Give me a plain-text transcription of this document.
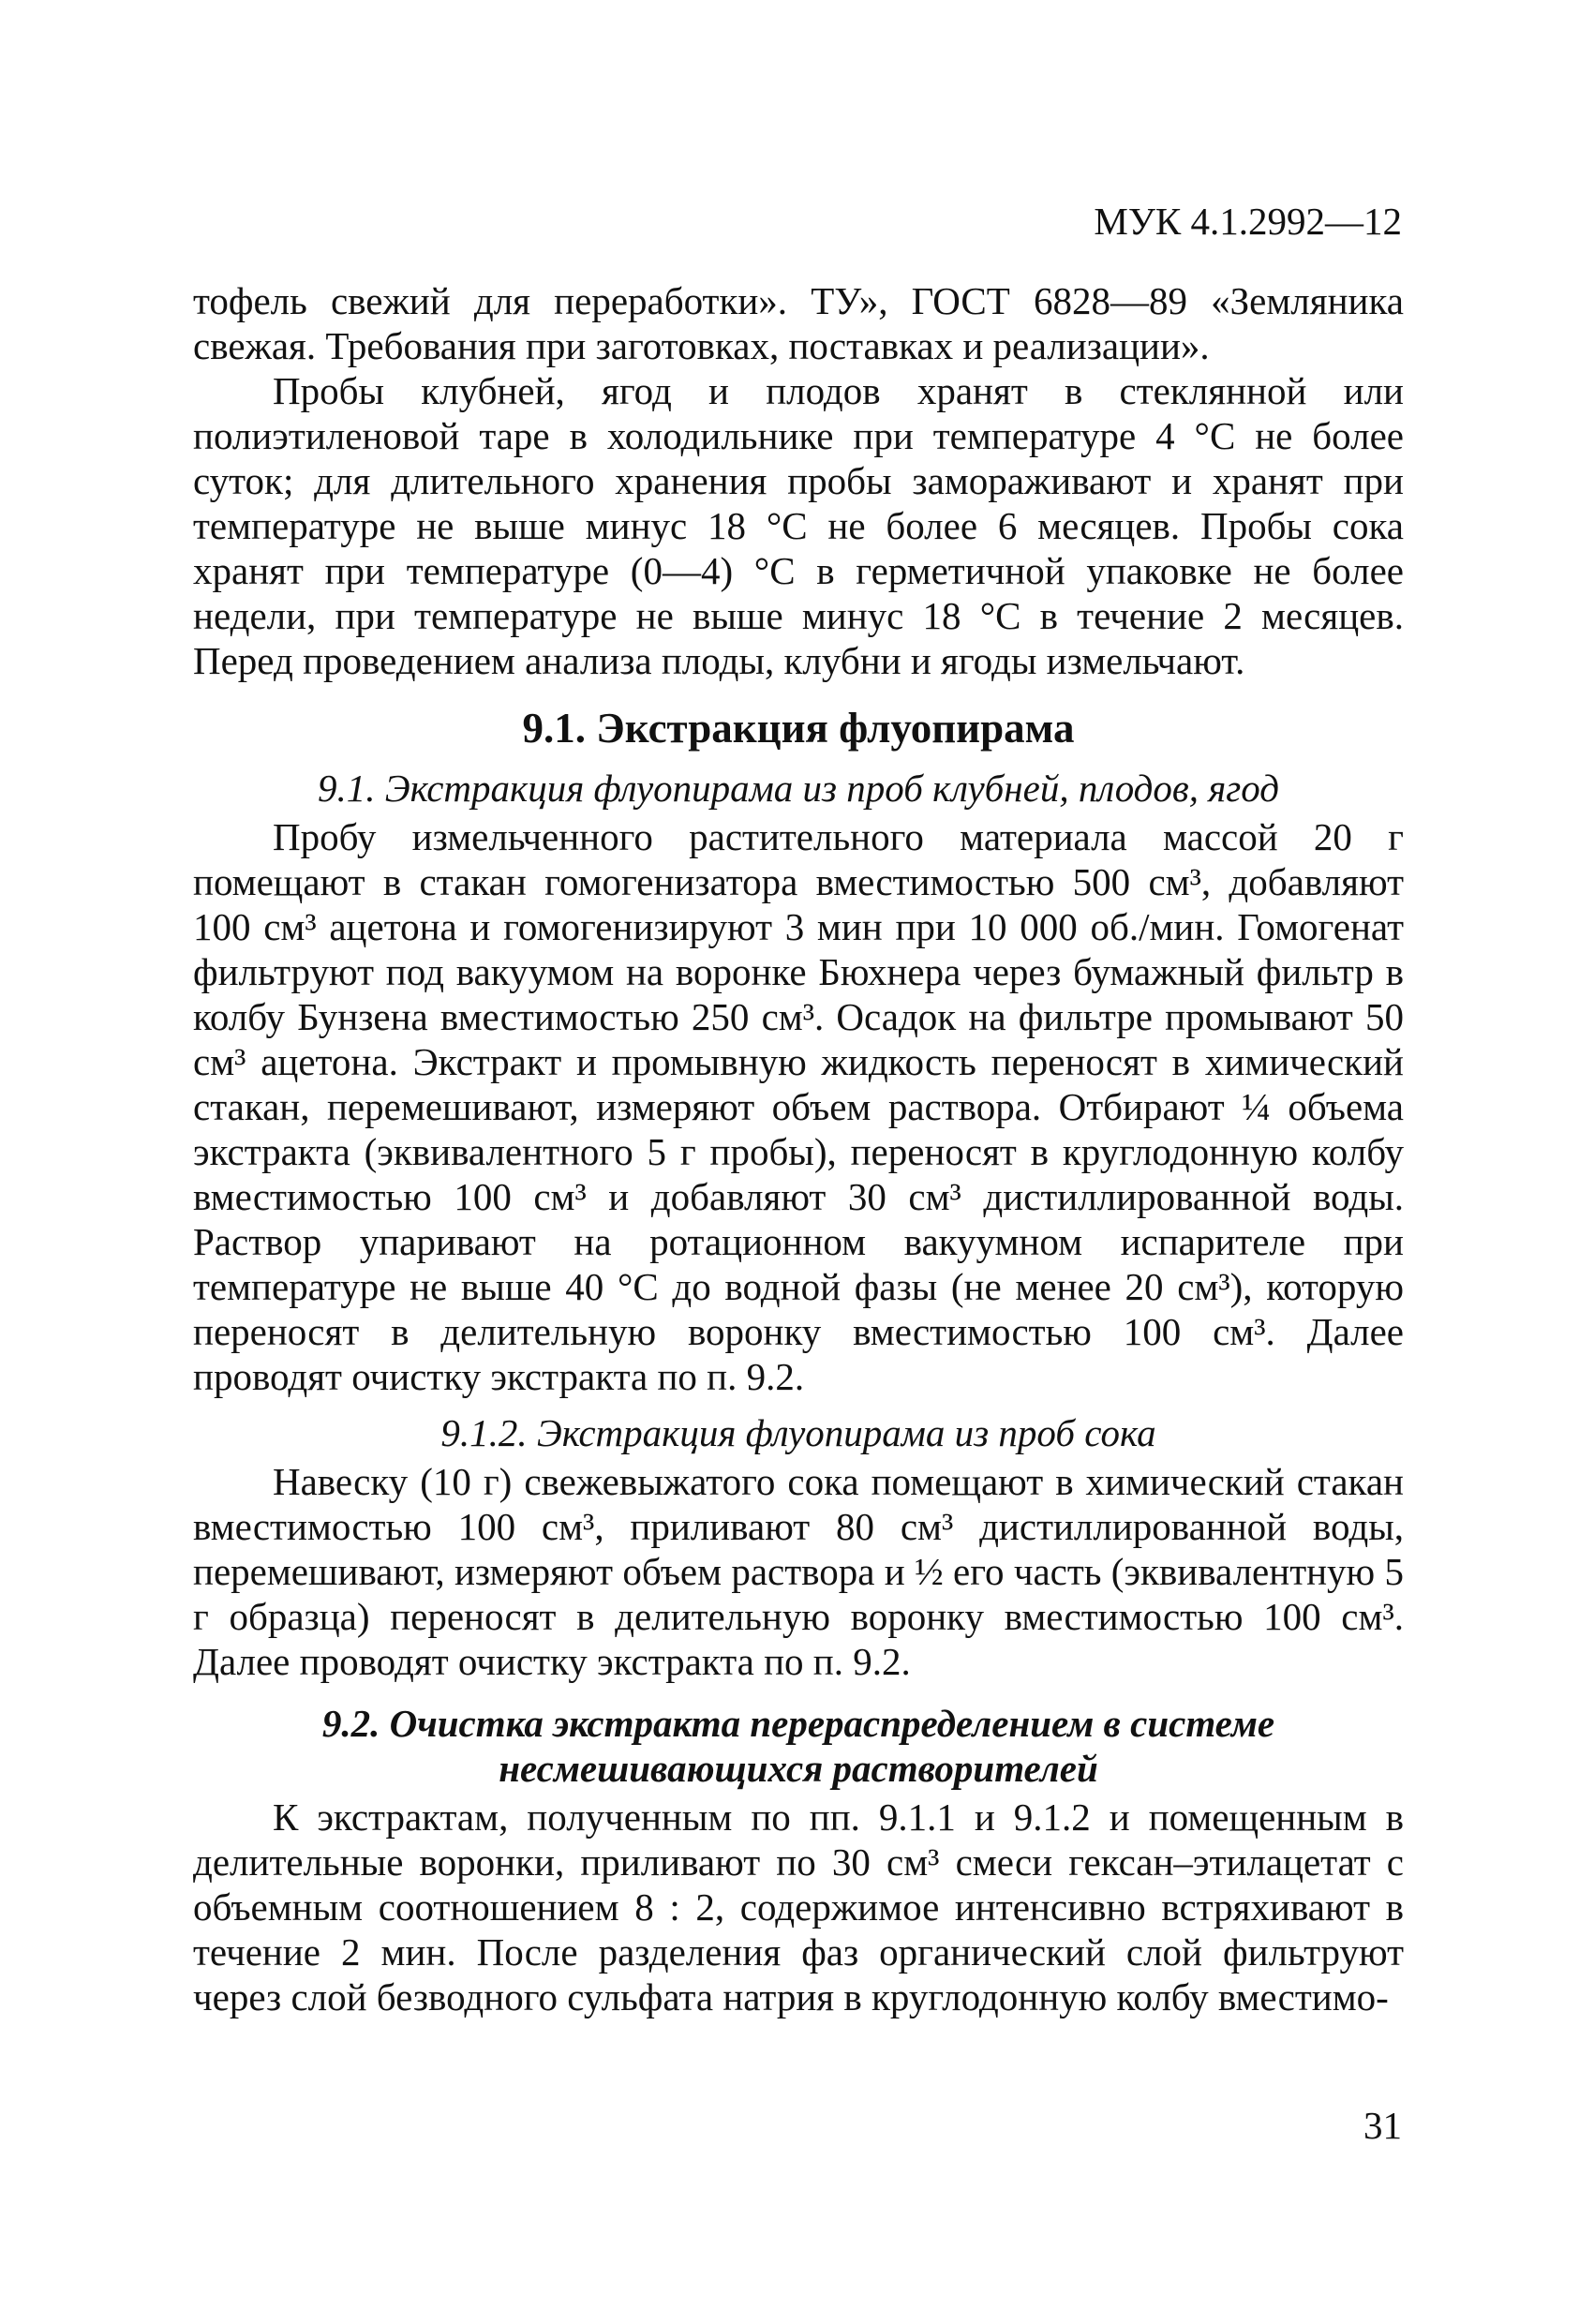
МУК 4.1.2992—12

тофель свежий для переработки». ТУ», ГОСТ 6828—89 «Земляника свежая. Требования при заготовках, поставках и реализации».

Пробы клубней, ягод и плодов хранят в стеклянной или полиэтиленовой таре в холодильнике при температуре 4 °С не более суток; для длительного хранения пробы замораживают и хранят при температуре не выше минус 18 °С не более 6 месяцев. Пробы сока хранят при температуре (0—4) °С в герметичной упаковке не более недели, при температуре не выше минус 18 °С в течение 2 месяцев. Перед проведением анализа плоды, клубни и ягоды измельчают.

9.1. Экстракция флуопирама
9.1. Экстракция флуопирама из проб клубней, плодов, ягод

Пробу измельченного растительного материала массой 20 г помещают в стакан гомогенизатора вместимостью 500 см³, добавляют 100 см³ ацетона и гомогенизируют 3 мин при 10 000 об./мин. Гомогенат фильтруют под вакуумом на воронке Бюхнера через бумажный фильтр в колбу Бунзена вместимостью 250 см³. Осадок на фильтре промывают 50 см³ ацетона. Экстракт и промывную жидкость переносят в химический стакан, перемешивают, измеряют объем раствора. Отбирают ¼ объема экстракта (эквивалентного 5 г пробы), переносят в круглодонную колбу вместимостью 100 см³ и добавляют 30 см³ дистиллированной воды. Раствор упаривают на ротационном вакуумном испарителе при температуре не выше 40 °С до водной фазы (не менее 20 см³), которую переносят в делительную воронку вместимостью 100 см³. Далее проводят очистку экстракта по п. 9.2.

9.1.2. Экстракция флуопирама из проб сока

Навеску (10 г) свежевыжатого сока помещают в химический стакан вместимостью 100 см³, приливают 80 см³ дистиллированной воды, перемешивают, измеряют объем раствора и ½ его часть (эквивалентную 5 г образца) переносят в делительную воронку вместимостью 100 см³. Далее проводят очистку экстракта по п. 9.2.

9.2. Очистка экстракта перераспределением в системе
несмешивающихся растворителей

К экстрактам, полученным по пп. 9.1.1 и 9.1.2 и помещенным в делительные воронки, приливают по 30 см³ смеси гексан–этилацетат с объемным соотношением 8 : 2, содержимое интенсивно встряхивают в течение 2 мин. После разделения фаз органический слой фильтруют через слой безводного сульфата натрия в круглодонную колбу вместимо-

31
